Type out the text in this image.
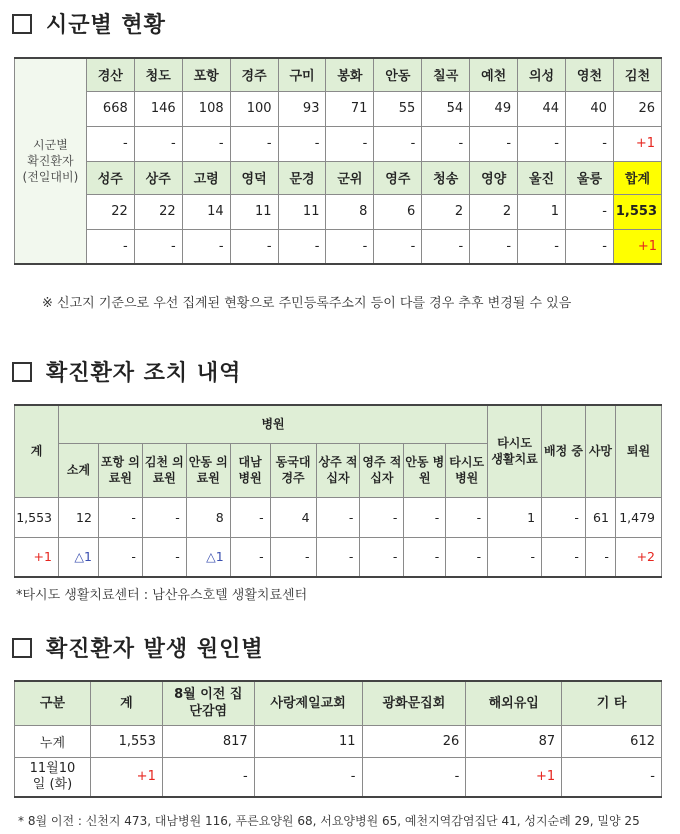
시군별 현황
시군별
확진환자
(전일대비)	경산	청도	포항	경주	구미	봉화	안동	칠곡	예천	의성	영천	김천
	668	146	108	100	93	71	55	54	49	44	40	26
	-	-	-	-	-	-	-	-	-	-	-	+1
	성주	상주	고령	영덕	문경	군위	영주	청송	영양	울진	울릉	합계
	22	22	14	11	11	8	6	2	2	1	-	1,553
	-	-	-	-	-	-	-	-	-	-	-	+1
※ 신고지 기준으로 우선 집계된 현황으로 주민등록주소지 등이 다를 경우 추후 변경될 수 있음
확진환자 조치 내역
계	병원										타시도 생활치료	배정 중	사망	퇴원
	소계	포항 의료원	김천 의료원	안동 의료원	대남 병원	동국대 경주	상주 적십자	영주 적십자	안동 병원	타시도 병원				
1,553	12	-	-	8	-	4	-	-	-	-	1	-	61	1,479
+1	△1	-	-	△1	-	-	-	-	-	-	-	-	-	+2
*타시도 생활치료센터 : 남산유스호텔 생활치료센터
확진환자 발생 원인별
구분	계	8월 이전 집단감염	사랑제일교회	광화문집회	해외유입	기 타
누계	1,553	817	11	26	87	612
11월10일 (화)	+1	-	-	-	+1	-
* 8월 이전 : 신천지 473, 대남병원 116, 푸른요양원 68, 서요양병원 65, 예천지역감염집단 41, 성지순례 29, 밀양 25
